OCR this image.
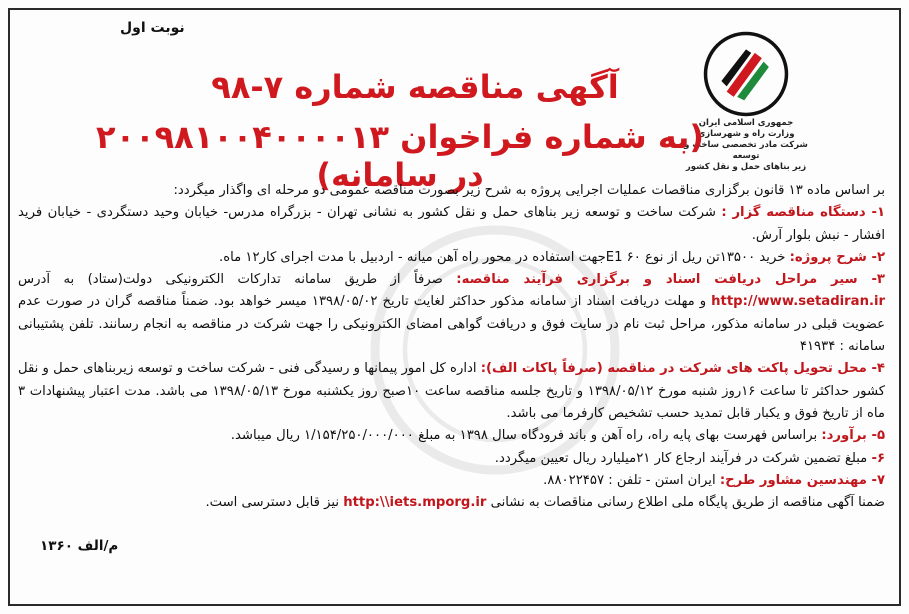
نوبت اول
جمهوری اسلامی ایران
وزارت راه و شهرسازی
شرکت مادر تخصصی ساخت و توسعه
زیر بناهای حمل و نقل کشور
آگهی مناقصه شماره ۷-۹۸
(به شماره فراخوان ۲۰۰۹۸۱۰۰۴۰۰۰۰۱۳ در سامانه)

بر اساس ماده ۱۳ قانون برگزاری مناقصات عملیات اجرایی پروژه به شرح زیر بصورت مناقصه عمومی دو مرحله ای واگذار میگردد:

۱- دستگاه مناقصه گزار : شرکت ساخت و توسعه زیر بناهای حمل و نقل کشور به نشانی تهران - بزرگراه مدرس- خیابان وحید دستگردی - خیابان فرید افشار - نبش بلوار آرش.

۲- شرح پروژه: خرید ۱۳۵۰۰تن ریل از نوع E1 ۶۰جهت استفاده در محور راه آهن میانه - اردبیل با مدت اجرای کار۱۲ ماه.

۳- سیر مراحل دریافت اسناد و برگزاری فرآیند مناقصه: صرفاً از طریق سامانه تدارکات الکترونیکی دولت(ستاد) به آدرس http://www.setadiran.ir و مهلت دریافت اسناد از سامانه مذکور حداکثر لغایت تاریخ ۱۳۹۸/۰۵/۰۲ میسر خواهد بود. ضمناً مناقصه گران در صورت عدم عضویت قبلی در سامانه مذکور، مراحل ثبت نام در سایت فوق و دریافت گواهی امضای الکترونیکی را جهت شرکت در مناقصه به انجام رسانند. تلفن پشتیبانی سامانه : ۴۱۹۳۴

۴- محل تحویل پاکت های شرکت در مناقصه (صرفاً پاکات الف): اداره کل امور پیمانها و رسیدگی فنی - شرکت ساخت و توسعه زیربناهای حمل و نقل کشور حداکثر تا ساعت ۱۶روز شنبه مورخ ۱۳۹۸/۰۵/۱۲ و تاریخ جلسه مناقصه ساعت ۱۰صبح روز یکشنبه مورخ ۱۳۹۸/۰۵/۱۳ می باشد. مدت اعتبار پیشنهادات ۳ ماه از تاریخ فوق و یکبار قابل تمدید حسب تشخیص کارفرما می باشد.

۵- برآورد: براساس فهرست بهای پایه راه، راه آهن و باند فرودگاه سال ۱۳۹۸ به مبلغ ۱/۱۵۴/۲۵۰/۰۰۰/۰۰۰ ریال میباشد.

۶- مبلغ تضمین شرکت در فرآیند ارجاع کار ۲۱میلیارد ریال تعیین میگردد.

۷- مهندسین مشاور طرح: ایران استن - تلفن : ۸۸۰۲۲۴۵۷.

ضمنا آگهی مناقصه از طریق پایگاه ملی اطلاع رسانی مناقصات به نشانی http:\\iets.mporg.ir نیز قابل دسترسی است.

م/الف ۱۳۶۰
